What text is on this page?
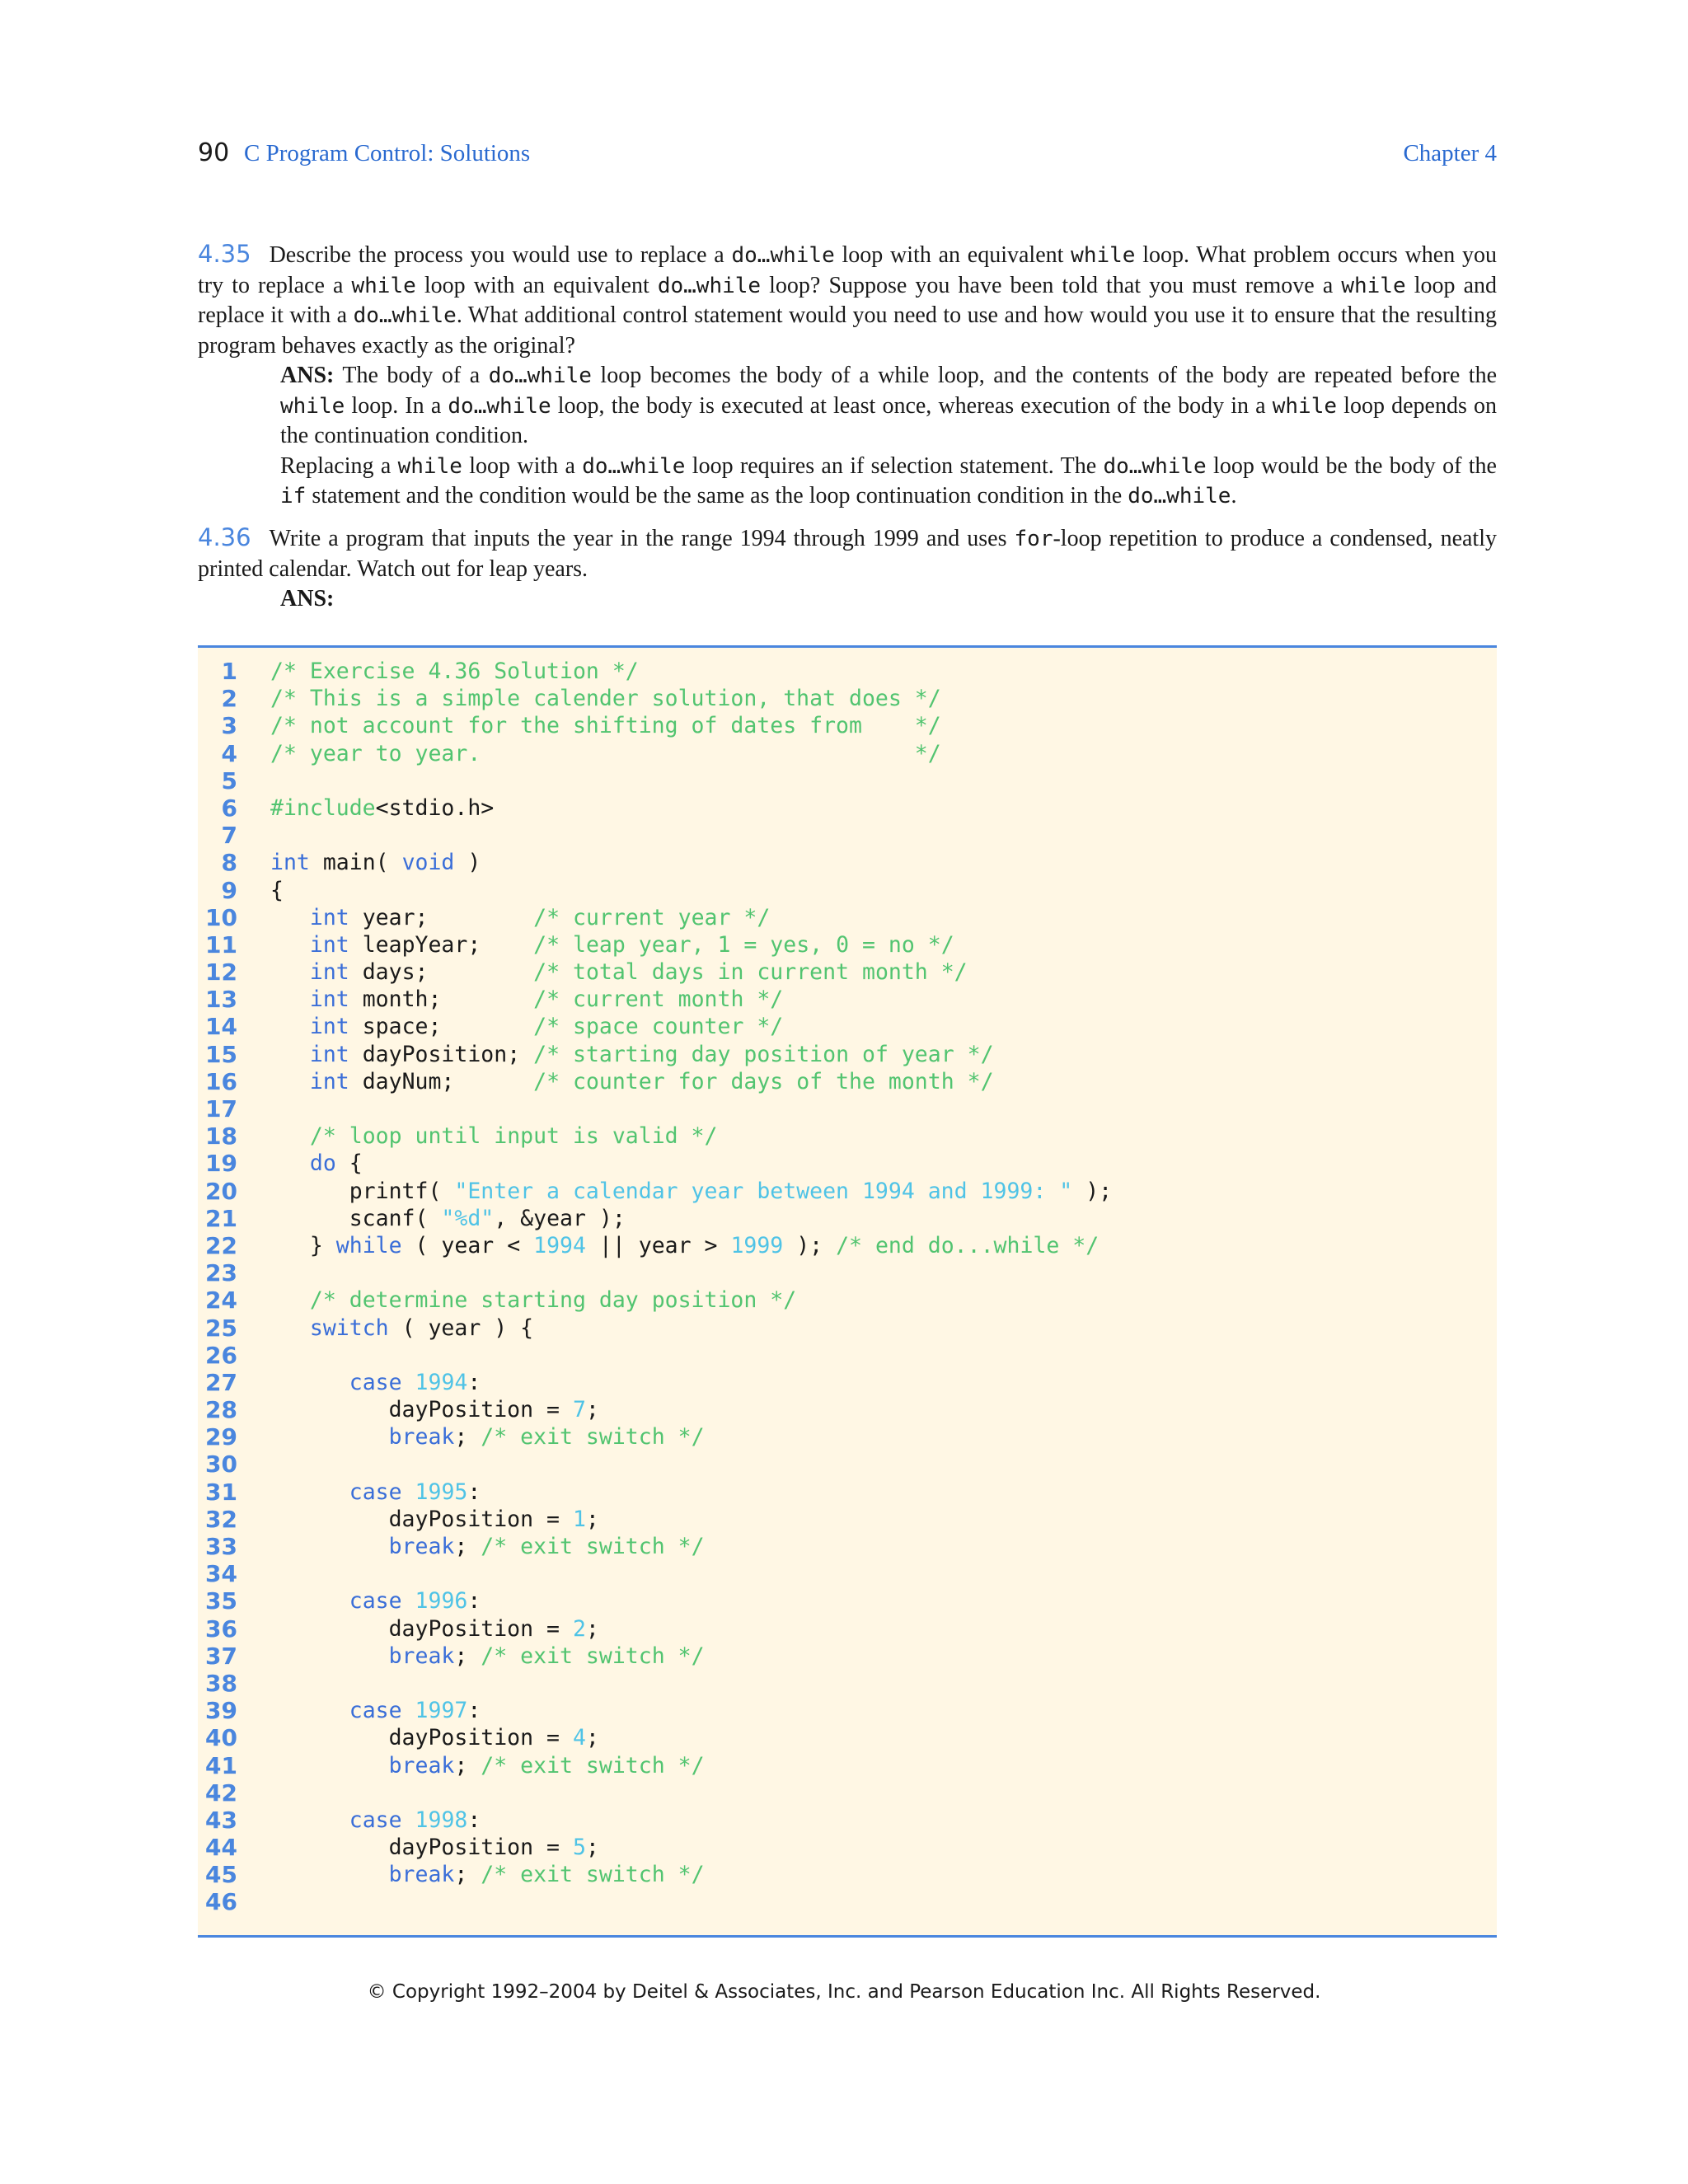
90 C Program Control: Solutions	Chapter 4
4.35 Describe the process you would use to replace a do…while loop with an equivalent while loop. What problem occurs when you try to replace a while loop with an equivalent do…while loop? Suppose you have been told that you must remove a while loop and replace it with a do…while. What additional control statement would you need to use and how would you use it to ensure that the resulting program behaves exactly as the original?
ANS: The body of a do…while loop becomes the body of a while loop, and the contents of the body are repeated before the while loop. In a do…while loop, the body is executed at least once, whereas execution of the body in a while loop depends on the continuation condition.
Replacing a while loop with a do…while loop requires an if selection statement. The do…while loop would be the body of the if statement and the condition would be the same as the loop continuation condition in the do…while.
4.36 Write a program that inputs the year in the range 1994 through 1999 and uses for-loop repetition to produce a condensed, neatly printed calendar. Watch out for leap years.
ANS:
1 /* Exercise 4.36 Solution */
2 /* This is a simple calender solution, that does */
3 /* not account for the shifting of dates from    */
4 /* year to year.                                 */
5
6 #include<stdio.h>
7
8 int main( void )
9 {
10	int year;        /* current year */
11	int leapYear;    /* leap year, 1 = yes, 0 = no */
12	int days;        /* total days in current month */
13	int month;       /* current month */
14	int space;       /* space counter */
15	int dayPosition; /* starting day position of year */
16	int dayNum;      /* counter for days of the month */
17
18	/* loop until input is valid */
19	do {
20 printf( "Enter a calendar year between 1994 and 1999: " );
21 scanf( "%d", &year );
22 } while ( year < 1994 || year > 1999 ); /* end do...while */
23
24	/* determine starting day position */
25	switch ( year ) {
26
27	case 1994:
28 dayPosition = 7;
29	break; /* exit switch */
30
31	case 1995:
32 dayPosition = 1;
33	break; /* exit switch */
34
35	case 1996:
36 dayPosition = 2;
37	break; /* exit switch */
38
39	case 1997:
40 dayPosition = 4;
41	break; /* exit switch */
42
43	case 1998:
44 dayPosition = 5;
45	break; /* exit switch */
46
© Copyright 1992–2004 by Deitel & Associates, Inc. and Pearson Education Inc. All Rights Reserved.
